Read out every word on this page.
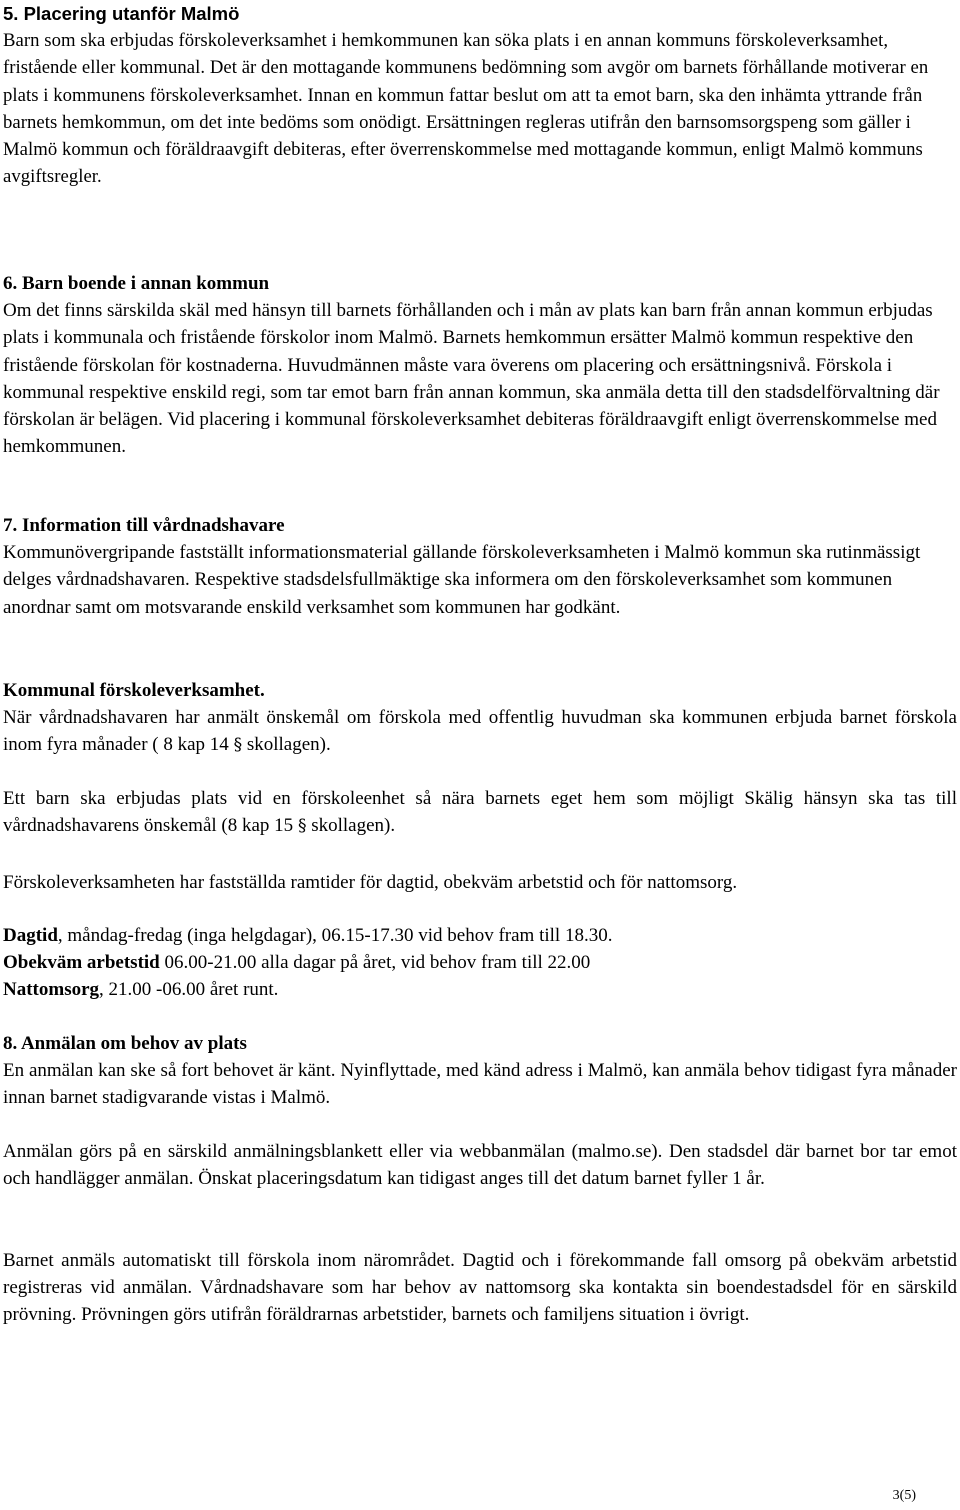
5. Placering utanför Malmö
Barn som ska erbjudas förskoleverksamhet i hemkommunen kan söka plats i en annan kommuns förskoleverksamhet, fristående eller kommunal. Det är den mottagande kommunens bedömning som avgör om barnets förhållande motiverar en plats i kommunens förskoleverksamhet. Innan en kommun fattar beslut om att ta emot barn, ska den inhämta yttrande från barnets hemkommun, om det inte bedöms som onödigt. Ersättningen regleras utifrån den barnsomsorgspeng som gäller i Malmö kommun och föräldraavgift debiteras, efter överrenskommelse med mottagande kommun, enligt Malmö kommuns avgiftsregler.
6. Barn boende i annan kommun
Om det finns särskilda skäl med hänsyn till barnets förhållanden och i mån av plats kan barn från annan kommun erbjudas plats i kommunala och fristående förskolor inom Malmö. Barnets hemkommun ersätter Malmö kommun respektive den fristående förskolan för kostnaderna. Huvudmännen måste vara överens om placering och ersättningsnivå. Förskola i kommunal respektive enskild regi, som tar emot barn från annan kommun, ska anmäla detta till den stadsdelförvaltning där förskolan är belägen. Vid placering i kommunal förskoleverksamhet debiteras föräldraavgift enligt överrenskommelse med hemkommunen.
7. Information till vårdnadshavare
Kommunövergripande fastställt informationsmaterial gällande förskoleverksamheten i Malmö kommun ska rutinmässigt delges vårdnadshavaren. Respektive stadsdelsfullmäktige ska informera om den förskoleverksamhet som kommunen anordnar samt om motsvarande enskild verksamhet som kommunen har godkänt.
Kommunal förskoleverksamhet.
När vårdnadshavaren har anmält önskemål om förskola med offentlig huvudman ska kommunen erbjuda barnet förskola inom fyra månader ( 8 kap 14 § skollagen).
Ett barn ska erbjudas plats vid en förskoleenhet så nära barnets eget hem som möjligt Skälig hänsyn ska tas till vårdnadshavarens önskemål (8 kap 15 § skollagen).
Förskoleverksamheten har fastställda ramtider för dagtid, obekväm arbetstid och för nattomsorg.
Dagtid, måndag-fredag (inga helgdagar), 06.15-17.30 vid behov fram till 18.30.
Obekväm arbetstid 06.00-21.00 alla dagar på året, vid behov fram till 22.00
Nattomsorg, 21.00 -06.00 året runt.
8. Anmälan om behov av plats
En anmälan kan ske så fort behovet är känt. Nyinflyttade, med känd adress i Malmö, kan anmäla behov tidigast fyra månader innan barnet stadigvarande vistas i Malmö.
Anmälan görs på en särskild anmälningsblankett eller via webbanmälan (malmo.se). Den stadsdel där barnet bor tar emot och handlägger anmälan. Önskat placeringsdatum kan tidigast anges till det datum barnet fyller 1 år.
Barnet anmäls automatiskt till förskola inom närområdet. Dagtid och i förekommande fall omsorg på obekväm arbetstid registreras vid anmälan. Vårdnadshavare som har behov av nattomsorg ska kontakta sin boendestadsdel för en särskild prövning. Prövningen görs utifrån föräldrarnas arbetstider, barnets och familjens situation i övrigt.
3(5)
